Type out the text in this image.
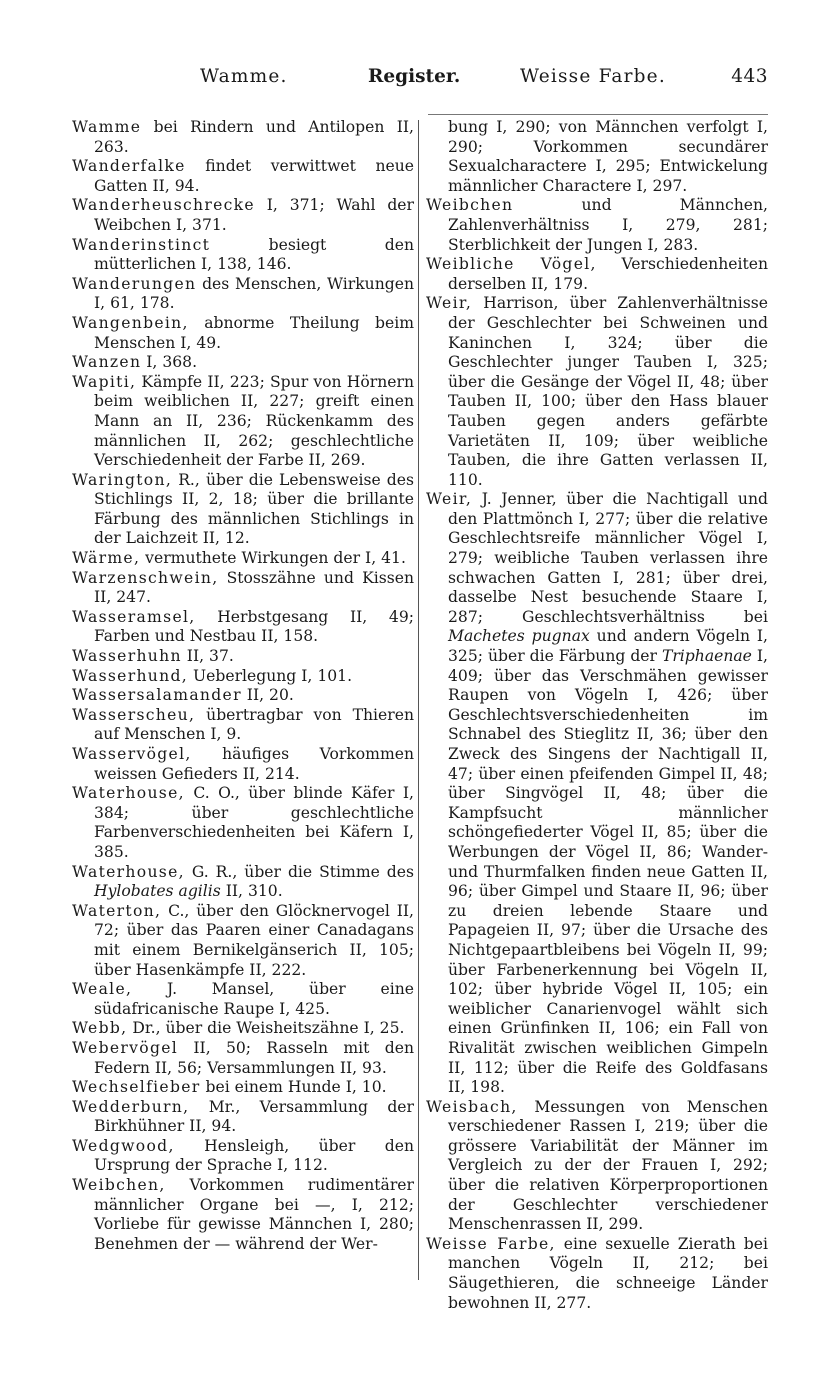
Wamme.	Register.	Weisse Farbe.	443

Wamme bei Rindern und Antilopen II, 263.

Wanderfalke findet verwittwet neue Gatten II, 94.

Wanderheuschrecke I, 371; Wahl der Weibchen I, 371.

Wanderinstinct besiegt den mütterlichen I, 138, 146.

Wanderungen des Menschen, Wirkungen I, 61, 178.

Wangenbein, abnorme Theilung beim Menschen I, 49.

Wanzen I, 368.

Wapiti, Kämpfe II, 223; Spur von Hörnern beim weiblichen II, 227; greift einen Mann an II, 236; Rückenkamm des männlichen II, 262; geschlechtliche Verschiedenheit der Farbe II, 269.

Warington, R., über die Lebensweise des Stichlings II, 2, 18; über die brillante Färbung des männlichen Stichlings in der Laichzeit II, 12.

Wärme, vermuthete Wirkungen der I, 41.

Warzenschwein, Stosszähne und Kissen II, 247.

Wasseramsel, Herbstgesang II, 49; Farben und Nestbau II, 158.

Wasserhuhn II, 37.

Wasserhund, Ueberlegung I, 101.

Wassersalamander II, 20.

Wasserscheu, übertragbar von Thieren auf Menschen I, 9.

Wasservögel, häufiges Vorkommen weissen Gefieders II, 214.

Waterhouse, C. O., über blinde Käfer I, 384; über geschlechtliche Farbenverschiedenheiten bei Käfern I, 385.

Waterhouse, G. R., über die Stimme des Hylobates agilis II, 310.

Waterton, C., über den Glöcknervogel II, 72; über das Paaren einer Canadagans mit einem Bernikelgänserich II, 105; über Hasenkämpfe II, 222.

Weale, J. Mansel, über eine südafricanische Raupe I, 425.

Webb, Dr., über die Weisheitszähne I, 25.

Webervögel II, 50; Rasseln mit den Federn II, 56; Versammlungen II, 93.

Wechselfieber bei einem Hunde I, 10.

Wedderburn, Mr., Versammlung der Birkhühner II, 94.

Wedgwood, Hensleigh, über den Ursprung der Sprache I, 112.

Weibchen, Vorkommen rudimentärer männlicher Organe bei —, I, 212; Vorliebe für gewisse Männchen I, 280; Benehmen der — während der Wer-

bung I, 290; von Männchen verfolgt I, 290; Vorkommen secundärer Sexualcharactere I, 295; Entwickelung männlicher Charactere I, 297.

Weibchen und Männchen, Zahlenverhältniss I, 279, 281; Sterblichkeit der Jungen I, 283.

Weibliche Vögel, Verschiedenheiten derselben II, 179.

Weir, Harrison, über Zahlenverhältnisse der Geschlechter bei Schweinen und Kaninchen I, 324; über die Geschlechter junger Tauben I, 325; über die Gesänge der Vögel II, 48; über Tauben II, 100; über den Hass blauer Tauben gegen anders gefärbte Varietäten II, 109; über weibliche Tauben, die ihre Gatten verlassen II, 110.

Weir, J. Jenner, über die Nachtigall und den Plattmönch I, 277; über die relative Geschlechtsreife männlicher Vögel I, 279; weibliche Tauben verlassen ihre schwachen Gatten I, 281; über drei, dasselbe Nest besuchende Staare I, 287; Geschlechtsverhältniss bei Machetes pugnax und andern Vögeln I, 325; über die Färbung der Triphaenae I, 409; über das Verschmähen gewisser Raupen von Vögeln I, 426; über Geschlechtsverschiedenheiten im Schnabel des Stieglitz II, 36; über den Zweck des Singens der Nachtigall II, 47; über einen pfeifenden Gimpel II, 48; über Singvögel II, 48; über die Kampfsucht männlicher schöngefiederter Vögel II, 85; über die Werbungen der Vögel II, 86; Wander- und Thurmfalken finden neue Gatten II, 96; über Gimpel und Staare II, 96; über zu dreien lebende Staare und Papageien II, 97; über die Ursache des Nichtgepaartbleibens bei Vögeln II, 99; über Farbenerkennung bei Vögeln II, 102; über hybride Vögel II, 105; ein weiblicher Canarienvogel wählt sich einen Grünfinken II, 106; ein Fall von Rivalität zwischen weiblichen Gimpeln II, 112; über die Reife des Goldfasans II, 198.

Weisbach, Messungen von Menschen verschiedener Rassen I, 219; über die grössere Variabilität der Männer im Vergleich zu der der Frauen I, 292; über die relativen Körperproportionen der Geschlechter verschiedener Menschenrassen II, 299.

Weisse Farbe, eine sexuelle Zierath bei manchen Vögeln II, 212; bei Säugethieren, die schneeige Länder bewohnen II, 277.
